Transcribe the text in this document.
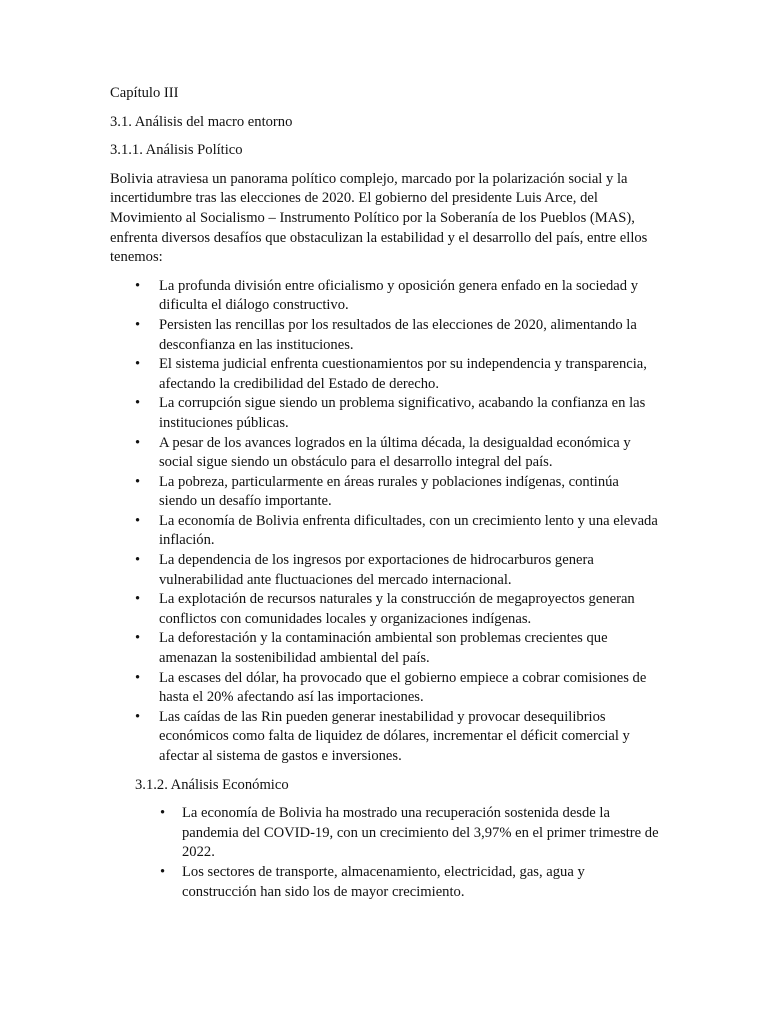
Capítulo III
3.1. Análisis del macro entorno
3.1.1. Análisis Político

Bolivia atraviesa un panorama político complejo, marcado por la polarización social y la incertidumbre tras las elecciones de 2020. El gobierno del presidente Luis Arce, del Movimiento al Socialismo – Instrumento Político por la Soberanía de los Pueblos (MAS), enfrenta diversos desafíos que obstaculizan la estabilidad y el desarrollo del país, entre ellos tenemos:

• La profunda división entre oficialismo y oposición genera enfado en la sociedad y dificulta el diálogo constructivo.
• Persisten las rencillas por los resultados de las elecciones de 2020, alimentando la desconfianza en las instituciones.
• El sistema judicial enfrenta cuestionamientos por su independencia y transparencia, afectando la credibilidad del Estado de derecho.
• La corrupción sigue siendo un problema significativo, acabando la confianza en las instituciones públicas.
• A pesar de los avances logrados en la última década, la desigualdad económica y social sigue siendo un obstáculo para el desarrollo integral del país.
• La pobreza, particularmente en áreas rurales y poblaciones indígenas, continúa siendo un desafío importante.
• La economía de Bolivia enfrenta dificultades, con un crecimiento lento y una elevada inflación.
• La dependencia de los ingresos por exportaciones de hidrocarburos genera vulnerabilidad ante fluctuaciones del mercado internacional.
• La explotación de recursos naturales y la construcción de megaproyectos generan conflictos con comunidades locales y organizaciones indígenas.
• La deforestación y la contaminación ambiental son problemas crecientes que amenazan la sostenibilidad ambiental del país.
• La escases del dólar, ha provocado que el gobierno empiece a cobrar comisiones de hasta el 20% afectando así las importaciones.
• Las caídas de las Rin pueden generar inestabilidad y provocar desequilibrios económicos como falta de liquidez de dólares, incrementar el déficit comercial y afectar al sistema de gastos e inversiones.
3.1.2. Análisis Económico
• La economía de Bolivia ha mostrado una recuperación sostenida desde la pandemia del COVID-19, con un crecimiento del 3,97% en el primer trimestre de 2022.
• Los sectores de transporte, almacenamiento, electricidad, gas, agua y construcción han sido los de mayor crecimiento.
